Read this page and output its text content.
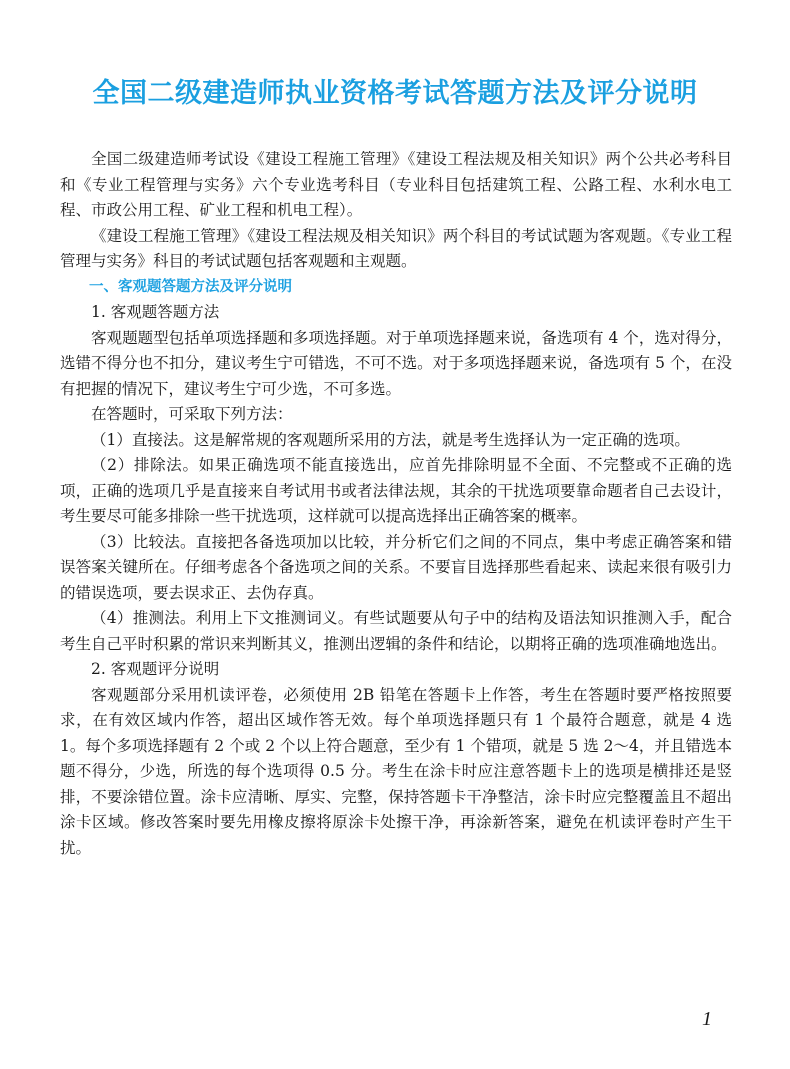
全国二级建造师执业资格考试答题方法及评分说明

全国二级建造师考试设《建设工程施工管理》《建设工程法规及相关知识》两个公共必考科目和《专业工程管理与实务》六个专业选考科目（专业科目包括建筑工程、公路工程、水利水电工程、市政公用工程、矿业工程和机电工程）。

《建设工程施工管理》《建设工程法规及相关知识》两个科目的考试试题为客观题。《专业工程管理与实务》科目的考试试题包括客观题和主观题。

一、客观题答题方法及评分说明

1. 客观题答题方法

客观题题型包括单项选择题和多项选择题。对于单项选择题来说，备选项有 4 个，选对得分，选错不得分也不扣分，建议考生宁可错选，不可不选。对于多项选择题来说，备选项有 5 个，在没有把握的情况下，建议考生宁可少选，不可多选。

在答题时，可采取下列方法：

（1）直接法。这是解常规的客观题所采用的方法，就是考生选择认为一定正确的选项。

（2）排除法。如果正确选项不能直接选出，应首先排除明显不全面、不完整或不正确的选项，正确的选项几乎是直接来自考试用书或者法律法规，其余的干扰选项要靠命题者自己去设计，考生要尽可能多排除一些干扰选项，这样就可以提高选择出正确答案的概率。

（3）比较法。直接把各备选项加以比较，并分析它们之间的不同点，集中考虑正确答案和错误答案关键所在。仔细考虑各个备选项之间的关系。不要盲目选择那些看起来、读起来很有吸引力的错误选项，要去误求正、去伪存真。

（4）推测法。利用上下文推测词义。有些试题要从句子中的结构及语法知识推测入手，配合考生自己平时积累的常识来判断其义，推测出逻辑的条件和结论，以期将正确的选项准确地选出。

2. 客观题评分说明

客观题部分采用机读评卷，必须使用 2B 铅笔在答题卡上作答，考生在答题时要严格按照要求，在有效区域内作答，超出区域作答无效。每个单项选择题只有 1 个最符合题意，就是 4 选 1。每个多项选择题有 2 个或 2 个以上符合题意，至少有 1 个错项，就是 5 选 2～4，并且错选本题不得分，少选，所选的每个选项得 0.5 分。考生在涂卡时应注意答题卡上的选项是横排还是竖排，不要涂错位置。涂卡应清晰、厚实、完整，保持答题卡干净整洁，涂卡时应完整覆盖且不超出涂卡区域。修改答案时要先用橡皮擦将原涂卡处擦干净，再涂新答案，避免在机读评卷时产生干扰。

1
